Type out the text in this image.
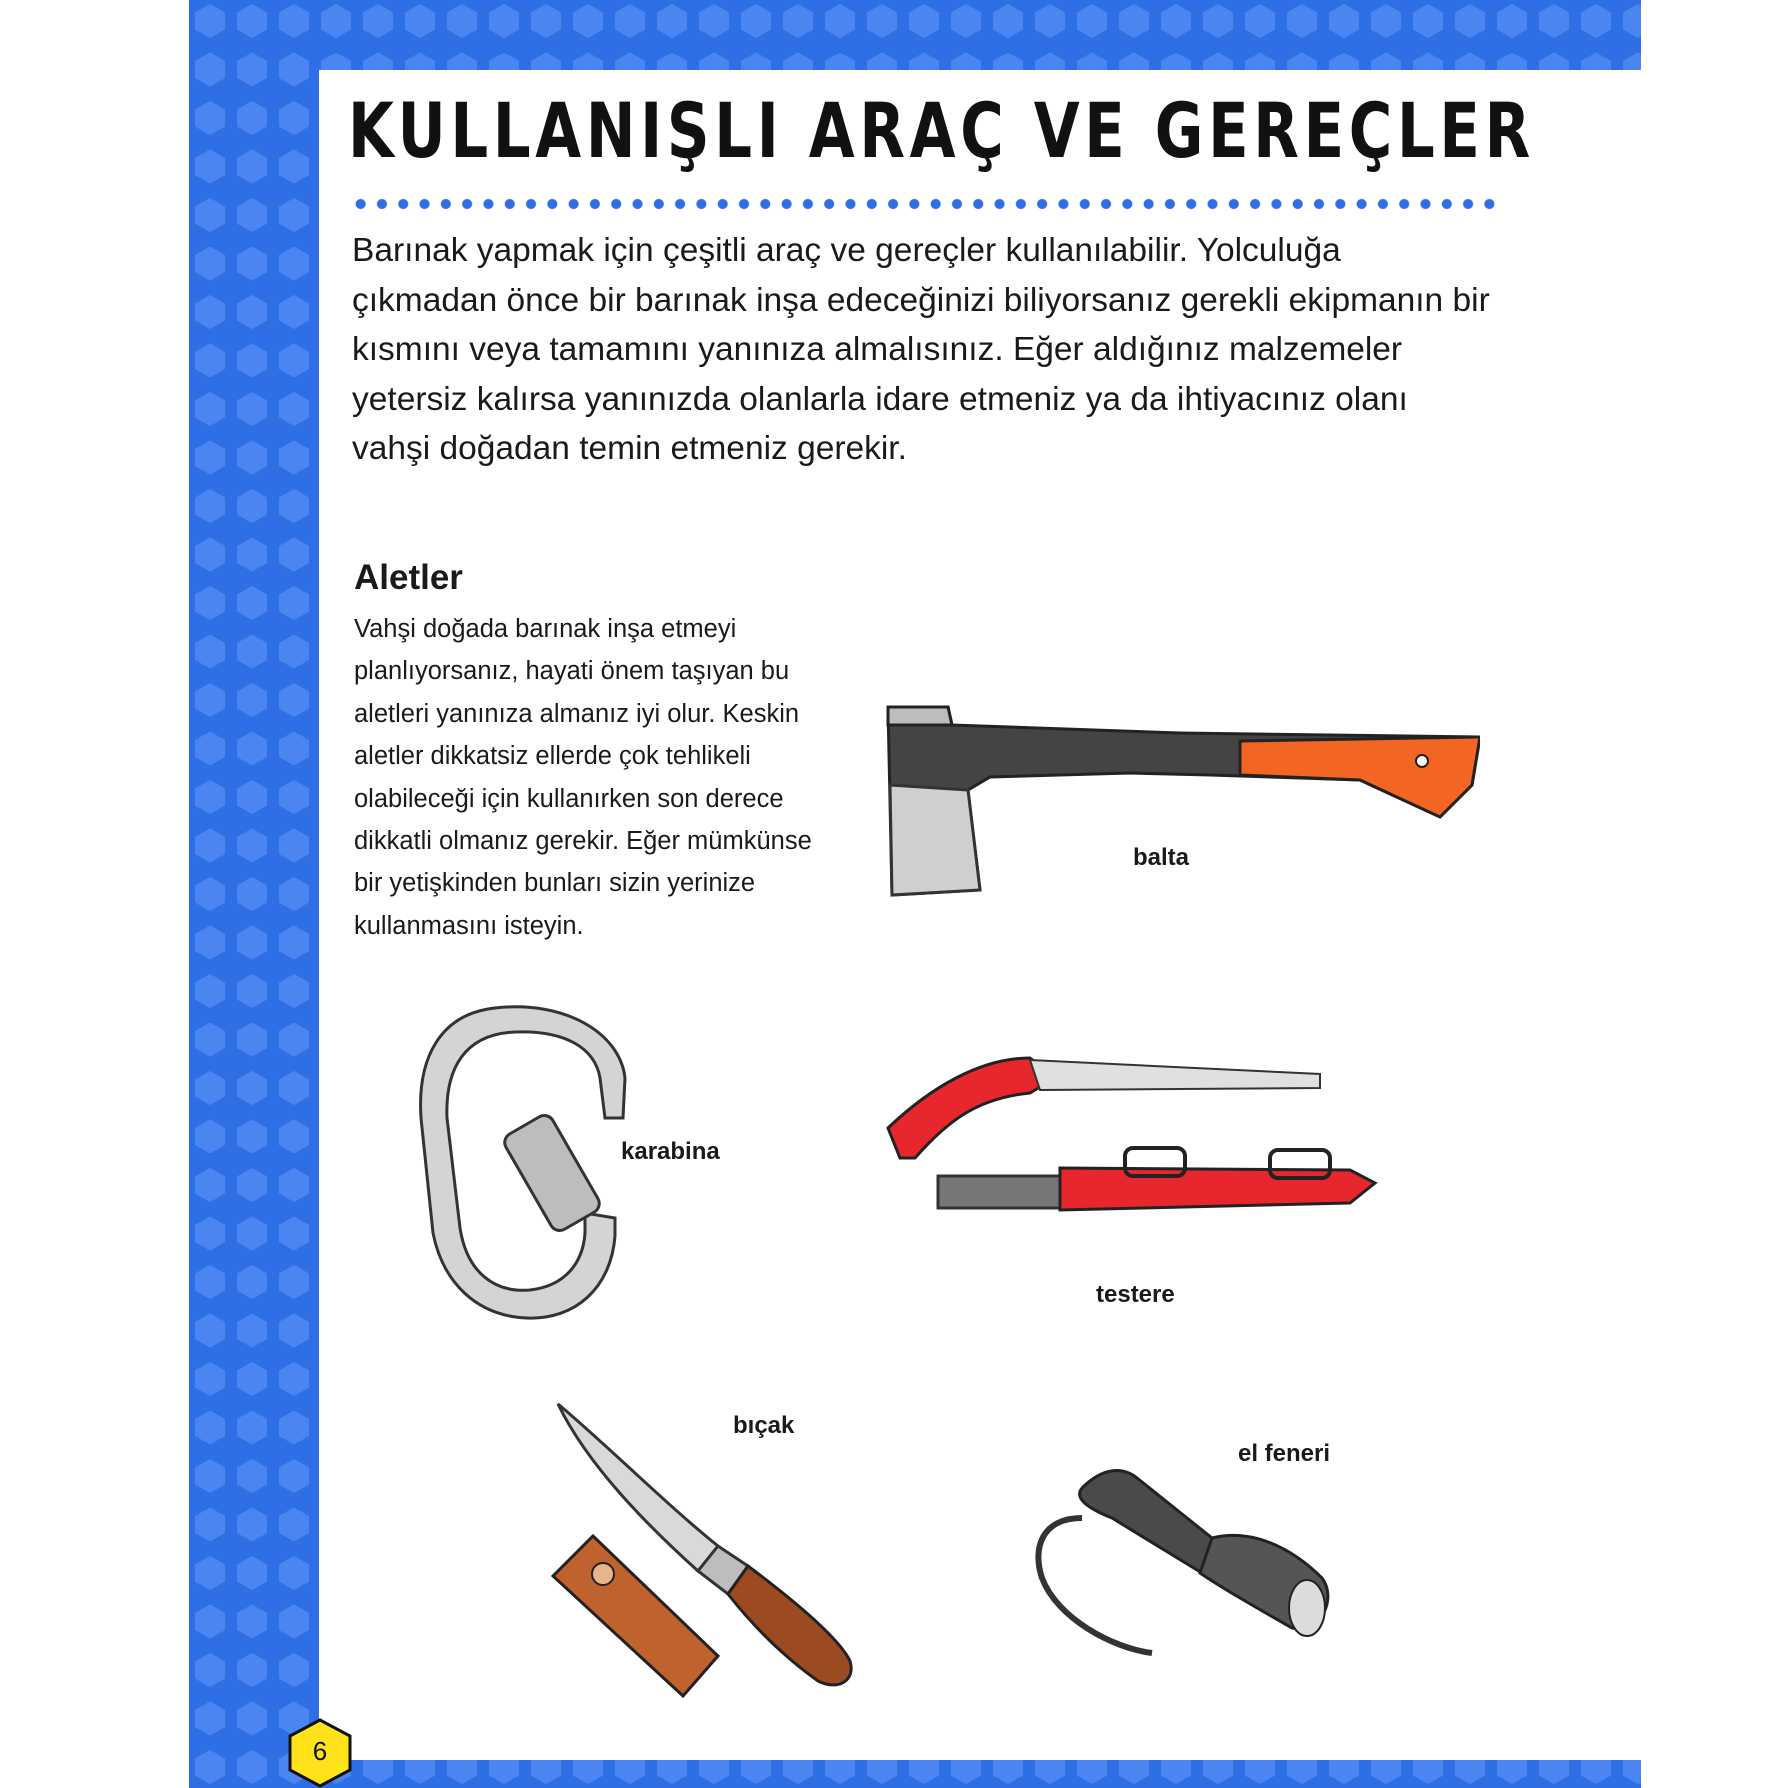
KULLANIŞLI ARAÇ VE GEREÇLER

Barınak yapmak için çeşitli araç ve gereçler kullanılabilir. Yolculuğa çıkmadan önce bir barınak inşa edeceğinizi biliyorsanız gerekli ekipmanın bir kısmını veya tamamını yanınıza almalısınız. Eğer aldığınız malzemeler yetersiz kalırsa yanınızda olanlarla idare etmeniz ya da ihtiyacınız olanı vahşi doğadan temin etmeniz gerekir.

Aletler

Vahşi doğada barınak inşa etmeyi planlıyorsanız, hayati önem taşıyan bu aletleri yanınıza almanız iyi olur. Keskin aletler dikkatsiz ellerde çok tehlikeli olabileceği için kullanırken son derece dikkatli olmanız gerekir. Eğer mümkünse bir yetişkinden bunları sizin yerinize kullanmasını isteyin.

balta

karabina

testere

bıçak

el feneri

6
